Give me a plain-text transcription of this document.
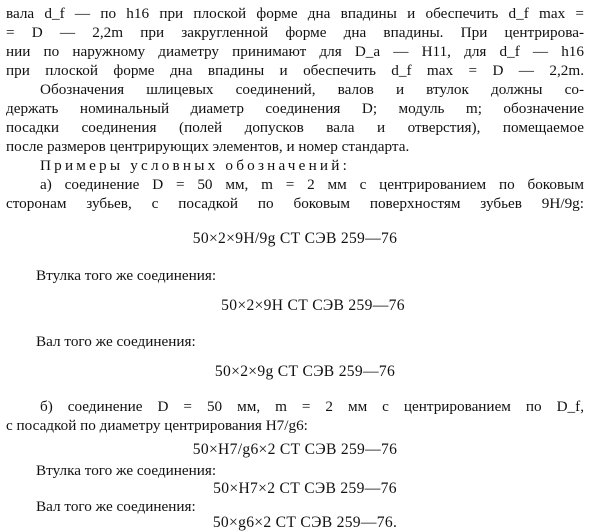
вала d_f — по h16 при плоской форме дна впадины и обеспечить d_f max =
= D — 2,2m при закругленной форме дна впадины. При центрирова-
нии по наружному диаметру принимают для D_a — H11, для d_f — h16
при плоской форме дна впадины и обеспечить d_f max = D — 2,2m.
Обозначения шлицевых соединений, валов и втулок должны со-
держать номинальный диаметр соединения D; модуль m; обозначение
посадки соединения (полей допусков вала и отверстия), помещаемое
после размеров центрирующих элементов, и номер стандарта.
Примеры условных обозначений:
а) соединение D = 50 мм, m = 2 мм с центрированием по боковым
сторонам зубьев, с посадкой по боковым поверхностям зубьев 9H/9g:
50×2×9H/9g СТ СЭВ 259—76
Втулка того же соединения:
50×2×9H СТ СЭВ 259—76
Вал того же соединения:
50×2×9g СТ СЭВ 259—76
б) соединение D = 50 мм, m = 2 мм с центрированием по D_f,
с посадкой по диаметру центрирования H7/g6:
50×H7/g6×2 СТ СЭВ 259—76
Втулка того же соединения:
50×H7×2 СТ СЭВ 259—76
Вал того же соединения:
50×g6×2 СТ СЭВ 259—76.
